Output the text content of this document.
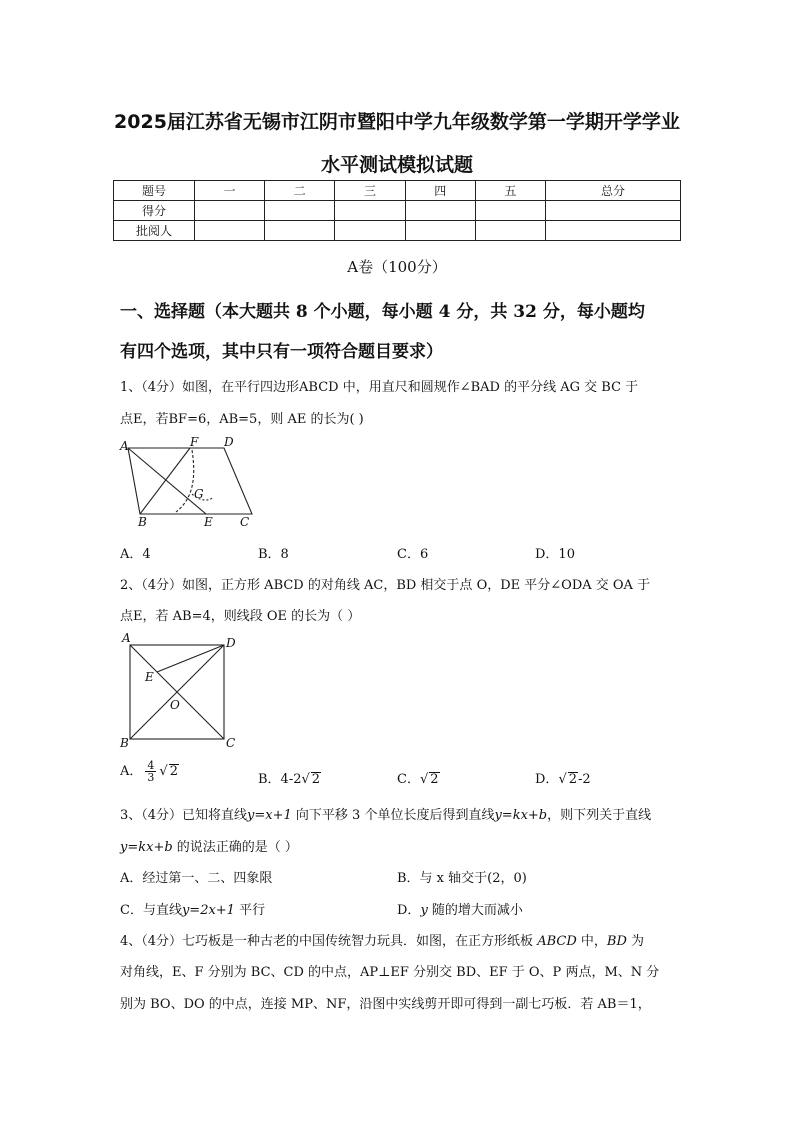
2025届江苏省无锡市江阴市暨阳中学九年级数学第一学期开学学业
水平测试模拟试题
题号	一	二	三	四	五	总分
得分						
批阅人						
A卷（100分）
一、选择题（本大题共 8 个小题，每小题 4 分，共 32 分，每小题均
有四个选项，其中只有一项符合题目要求）
1、（4分）如图，在平行四边形ABCD 中，用直尺和圆规作∠BAD 的平分线 AG 交 BC 于
点E，若BF=6，AB=5，则 AE 的长为( )
A	F D
G
B	E C
A．4	B．8	C．6	D．10
2、（4分）如图，正方形 ABCD 的对角线 AC，BD 相交于点 O，DE 平分∠ODA 交 OA 于
点E，若 AB=4，则线段 OE 的长为（ ）
A	D
E
O
B	C
A． $\frac{4}{3}$ √ 2
B．4-2√ 2	C．√ 2	D．√ 2-2
3、（4分）已知将直线y=x+1 向下平移 3 个单位长度后得到直线y=kx+b，则下列关于直线
y=kx+b 的说法正确的是（ ）
A．经过第一、二、四象限	B．与 x 轴交于(2，0)
C．与直线y=2x+1 平行	D．y 随的增大而减小
4、（4分）七巧板是一种古老的中国传统智力玩具．如图，在正方形纸板 ABCD 中，BD 为
对角线，E、F 分别为 BC、CD 的中点，AP⊥EF 分别交 BD、EF 于 O、P 两点，M、N 分
别为 BO、DO 的中点，连接 MP、NF，沿图中实线剪开即可得到一副七巧板．若 AB＝1，
